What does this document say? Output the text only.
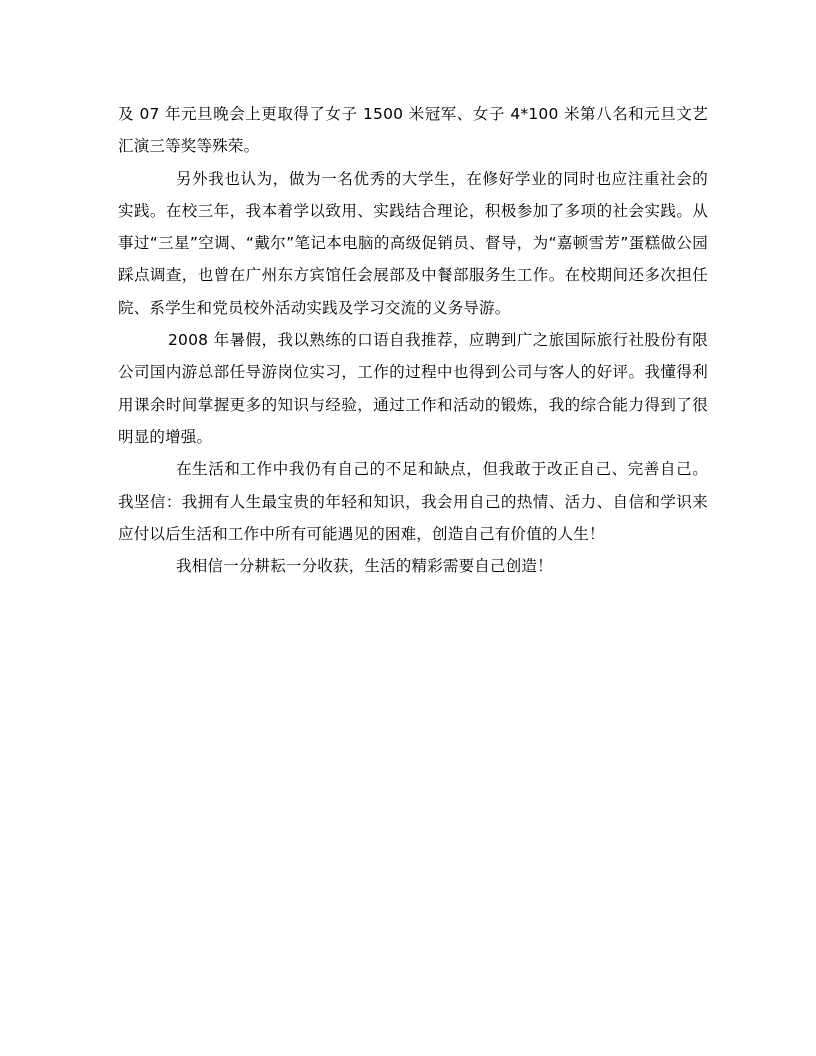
及 07 年元旦晚会上更取得了女子 1500 米冠军、女子 4*100 米第八名和元旦文艺汇演三等奖等殊荣。

另外我也认为，做为一名优秀的大学生，在修好学业的同时也应注重社会的实践。在校三年，我本着学以致用、实践结合理论，积极参加了多项的社会实践。从事过“三星”空调、“戴尔”笔记本电脑的高级促销员、督导，为“嘉顿雪芳”蛋糕做公园踩点调查，也曾在广州东方宾馆任会展部及中餐部服务生工作。在校期间还多次担任院、系学生和党员校外活动实践及学习交流的义务导游。

2008 年暑假，我以熟练的口语自我推荐，应聘到广之旅国际旅行社股份有限公司国内游总部任导游岗位实习，工作的过程中也得到公司与客人的好评。我懂得利用课余时间掌握更多的知识与经验，通过工作和活动的锻炼，我的综合能力得到了很明显的增强。

在生活和工作中我仍有自己的不足和缺点，但我敢于改正自己、完善自己。我坚信：我拥有人生最宝贵的年轻和知识，我会用自己的热情、活力、自信和学识来应付以后生活和工作中所有可能遇见的困难，创造自己有价值的人生！

我相信一分耕耘一分收获，生活的精彩需要自己创造！
